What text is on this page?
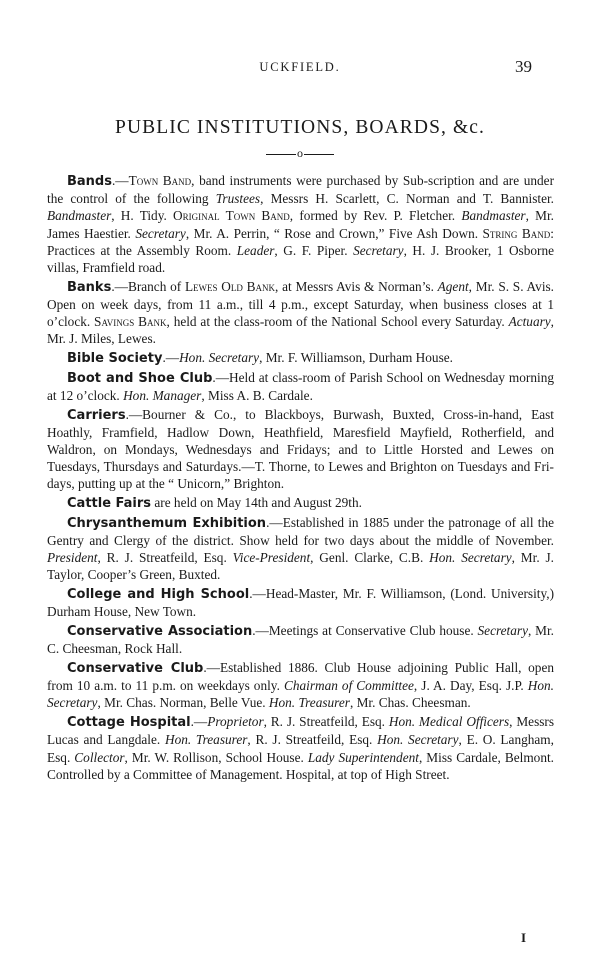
UCKFIELD.	39
PUBLIC INSTITUTIONS, BOARDS, &c.
o

Bands.—Town Band, band instruments were purchased by Sub-scription and are under the control of the following Trustees, Messrs H. Scarlett, C. Norman and T. Bannister. Bandmaster, H. Tidy. Original Town Band, formed by Rev. P. Fletcher. Bandmaster, Mr. James Haestier. Secretary, Mr. A. Perrin, “ Rose and Crown,” Five Ash Down. String Band: Practices at the Assembly Room. Leader, G. F. Piper. Secretary, H. J. Brooker, 1 Osborne villas, Framfield road.

Banks.—Branch of Lewes Old Bank, at Messrs Avis & Norman’s. Agent, Mr. S. S. Avis. Open on week days, from 11 a.m., till 4 p.m., except Saturday, when business closes at 1 o’clock. Savings Bank, held at the class-room of the National School every Saturday. Actuary, Mr. J. Miles, Lewes.

Bible Society.—Hon. Secretary, Mr. F. Williamson, Durham House.

Boot and Shoe Club.—Held at class-room of Parish School on Wednesday morning at 12 o’clock. Hon. Manager, Miss A. B. Cardale.

Carriers.—Bourner & Co., to Blackboys, Burwash, Buxted, Cross-in-hand, East Hoathly, Framfield, Hadlow Down, Heathfield, Maresfield Mayfield, Rotherfield, and Waldron, on Mondays, Wednesdays and Fridays; and to Little Horsted and Lewes on Tuesdays, Thursdays and Saturdays.—T. Thorne, to Lewes and Brighton on Tuesdays and Fri-days, putting up at the “ Unicorn,” Brighton.

Cattle Fairs are held on May 14th and August 29th.

Chrysanthemum Exhibition.—Established in 1885 under the patronage of all the Gentry and Clergy of the district. Show held for two days about the middle of November. President, R. J. Streatfeild, Esq. Vice-President, Genl. Clarke, C.B. Hon. Secretary, Mr. J. Taylor, Cooper’s Green, Buxted.

College and High School.—Head-Master, Mr. F. Williamson, (Lond. University,) Durham House, New Town.

Conservative Association.—Meetings at Conservative Club house. Secretary, Mr. C. Cheesman, Rock Hall.

Conservative Club.—Established 1886. Club House adjoining Public Hall, open from 10 a.m. to 11 p.m. on weekdays only. Chairman of Committee, J. A. Day, Esq. J.P. Hon. Secretary, Mr. Chas. Norman, Belle Vue. Hon. Treasurer, Mr. Chas. Cheesman.

Cottage Hospital.—Proprietor, R. J. Streatfeild, Esq. Hon. Medical Officers, Messrs Lucas and Langdale. Hon. Treasurer, R. J. Streatfeild, Esq. Hon. Secretary, E. O. Langham, Esq. Collector, Mr. W. Rollison, School House. Lady Superintendent, Miss Cardale, Belmont. Controlled by a Committee of Management. Hospital, at top of High Street.

I
